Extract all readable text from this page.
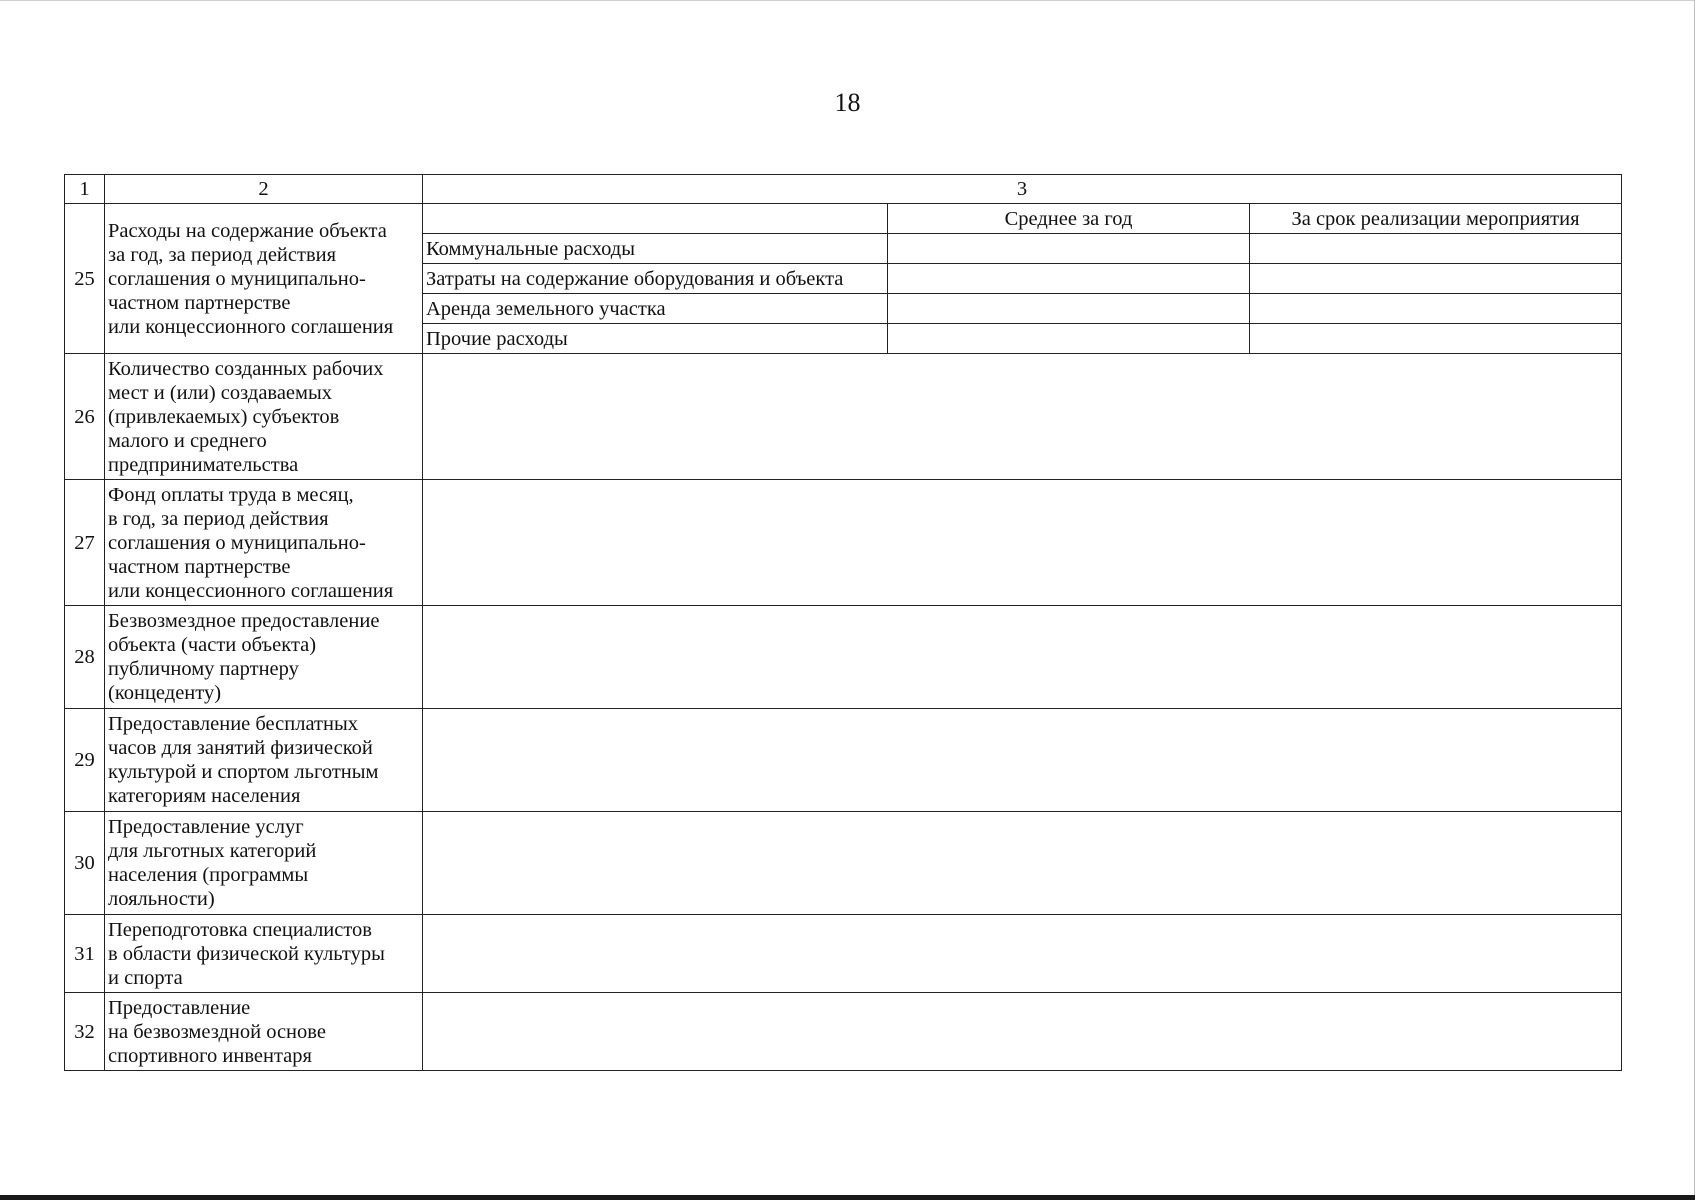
18
1	2	3		
25	Расходы на содержание объекта
за год, за период действия
соглашения о муниципально-
частном партнерстве
или концессионного соглашения		Среднее за год	За срок реализации мероприятия
		Коммунальные расходы		
		Затраты на содержание оборудования и объекта		
		Аренда земельного участка		
		Прочие расходы		
26	Количество созданных рабочих
мест и (или) создаваемых
(привлекаемых) субъектов
малого и среднего
предпринимательства			
27	Фонд оплаты труда в месяц,
в год, за период действия
соглашения о муниципально-
частном партнерстве
или концессионного соглашения			
28	Безвозмездное предоставление
объекта (части объекта)
публичному партнеру
(концеденту)			
29	Предоставление бесплатных
часов для занятий физической
культурой и спортом льготным
категориям населения			
30	Предоставление услуг
для льготных категорий
населения (программы
лояльности)			
31	Переподготовка специалистов
в области физической культуры
и спорта			
32	Предоставление
на безвозмездной основе
спортивного инвентаря			
